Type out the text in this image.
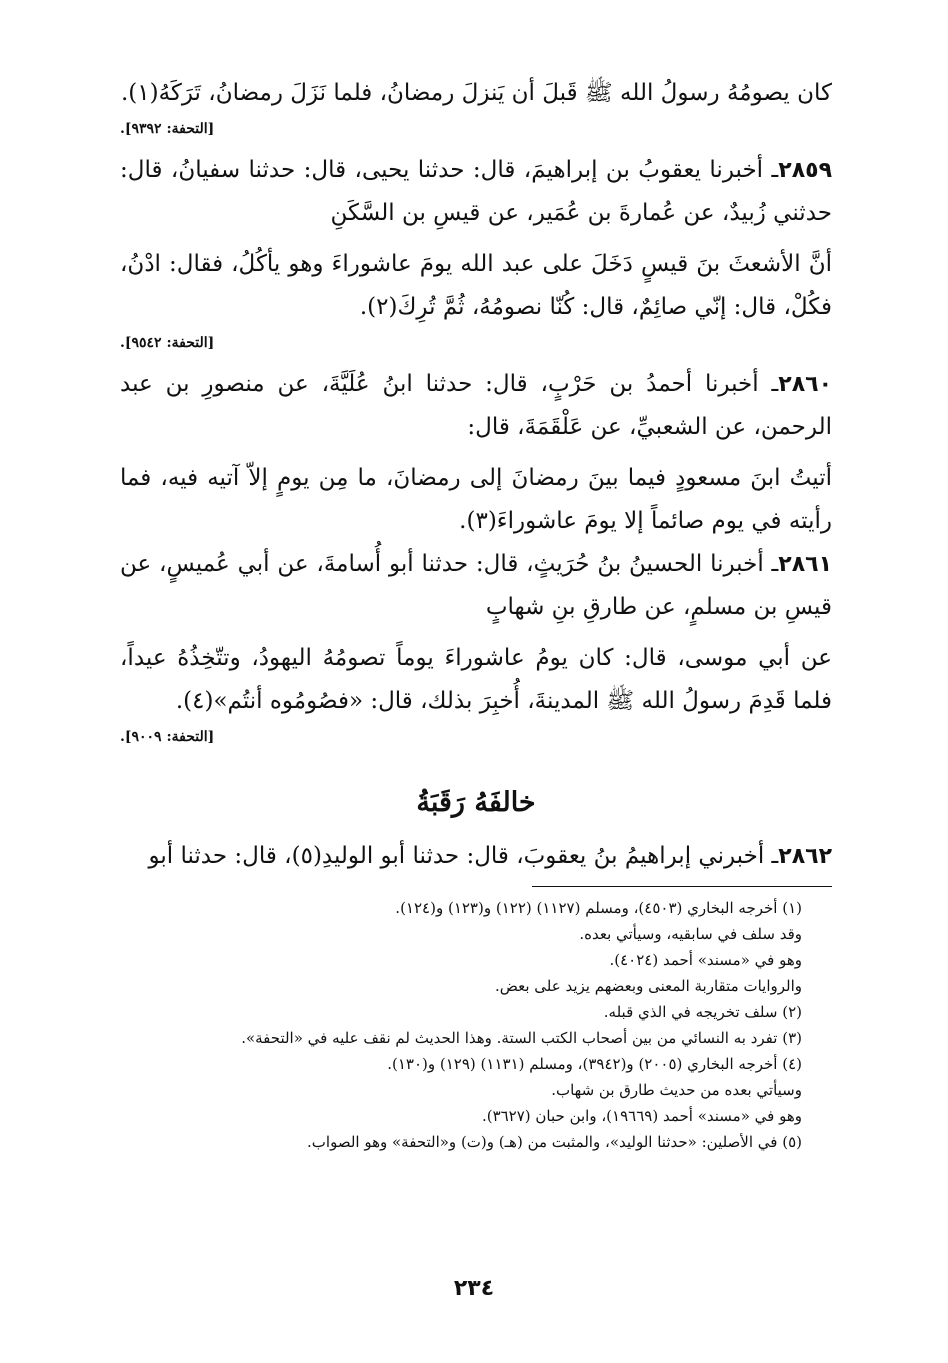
كان يصومُهُ رسولُ الله ﷺ قَبلَ أن يَنزلَ رمضانُ، فلما نَزَلَ رمضانُ، تَرَكَهُ(١).

[التحفة: ٩٣٩٢].

٢٨٥٩ـ أخبرنا يعقوبُ بن إبراهيمَ، قال: حدثنا يحيى، قال: حدثنا سفيانُ، قال: حدثني زُبيدٌ، عن عُمارةَ بن عُمَير، عن قيسِ بن السَّكَنِ

أنَّ الأشعثَ بنَ قيسٍ دَخَلَ على عبد الله يومَ عاشوراءَ وهو يأكُلُ، فقال: ادْنُ، فكُلْ، قال: إنّي صائِمٌ، قال: كُنّا نصومُهُ، ثُمَّ تُرِكَ(٢).

[التحفة: ٩٥٤٢].

٢٨٦٠ـ أخبرنا أحمدُ بن حَرْبٍ، قال: حدثنا ابنُ عُلَيَّةَ، عن منصورِ بن عبد الرحمن، عن الشعبيِّ، عن عَلْقَمَةَ، قال:

أتيتُ ابنَ مسعودٍ فيما بينَ رمضانَ إلى رمضانَ، ما مِن يومٍ إلاّ آتيه فيه، فما رأيته في يوم صائماً إلا يومَ عاشوراءَ(٣).

٢٨٦١ـ أخبرنا الحسينُ بنُ حُرَيثٍ، قال: حدثنا أبو أُسامةَ، عن أبي عُميسٍ، عن قيسِ بن مسلمٍ، عن طارقِ بنِ شهابٍ

عن أبي موسى، قال: كان يومُ عاشوراءَ يوماً تصومُهُ اليهودُ، وتتّخِذُهُ عيداً، فلما قَدِمَ رسولُ الله ﷺ المدينةَ، أُخبِرَ بذلك، قال: «فصُومُوه أنتُم»(٤).

[التحفة: ٩٠٠٩].

خالفَهُ رَقَبَةُ

٢٨٦٢ـ أخبرني إبراهيمُ بنُ يعقوبَ، قال: حدثنا أبو الوليدِ(٥)، قال: حدثنا أبو

(١) أخرجه البخاري (٤٥٠٣)، ومسلم (١١٢٧) (١٢٢) و(١٢٣) و(١٢٤).

وقد سلف في سابقيه، وسيأتي بعده.

وهو في «مسند» أحمد (٤٠٢٤).

والروايات متقاربة المعنى وبعضهم يزيد على بعض.

(٢) سلف تخريجه في الذي قبله.

(٣) تفرد به النسائي من بين أصحاب الكتب الستة. وهذا الحديث لم نقف عليه في «التحفة».

(٤) أخرجه البخاري (٢٠٠٥) و(٣٩٤٢)، ومسلم (١١٣١) (١٢٩) و(١٣٠).

وسيأتي بعده من حديث طارق بن شهاب.

وهو في «مسند» أحمد (١٩٦٦٩)، وابن حبان (٣٦٢٧).

(٥) في الأصلين: «حدثنا الوليد»، والمثبت من (هـ) و(ت) و«التحفة» وهو الصواب.

٢٣٤
